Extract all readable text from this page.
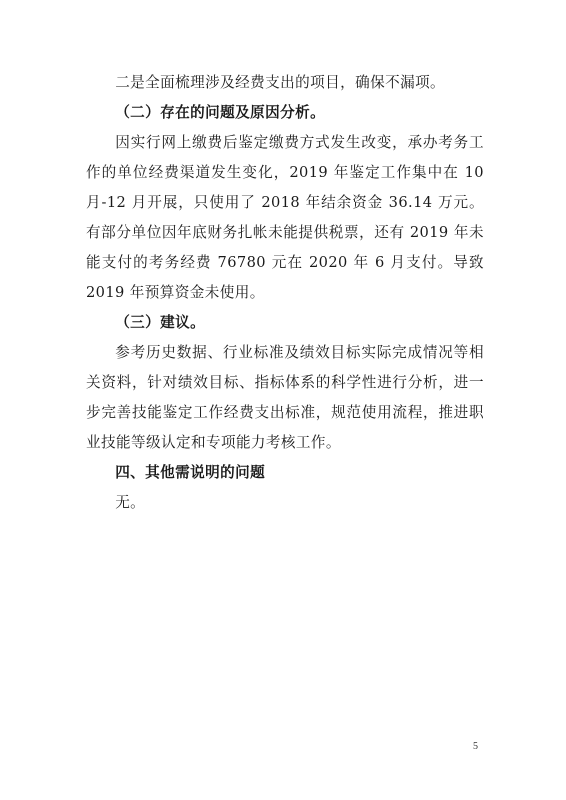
二是全面梳理涉及经费支出的项目，确保不漏项。

（二）存在的问题及原因分析。

因实行网上缴费后鉴定缴费方式发生改变，承办考务工作的单位经费渠道发生变化，2019 年鉴定工作集中在 10 月-12 月开展，只使用了 2018 年结余资金 36.14 万元。有部分单位因年底财务扎帐未能提供税票，还有 2019 年未能支付的考务经费 76780 元在 2020 年 6 月支付。导致 2019 年预算资金未使用。

（三）建议。

参考历史数据、行业标准及绩效目标实际完成情况等相关资料，针对绩效目标、指标体系的科学性进行分析，进一步完善技能鉴定工作经费支出标准，规范使用流程，推进职业技能等级认定和专项能力考核工作。

四、其他需说明的问题

无。

5
